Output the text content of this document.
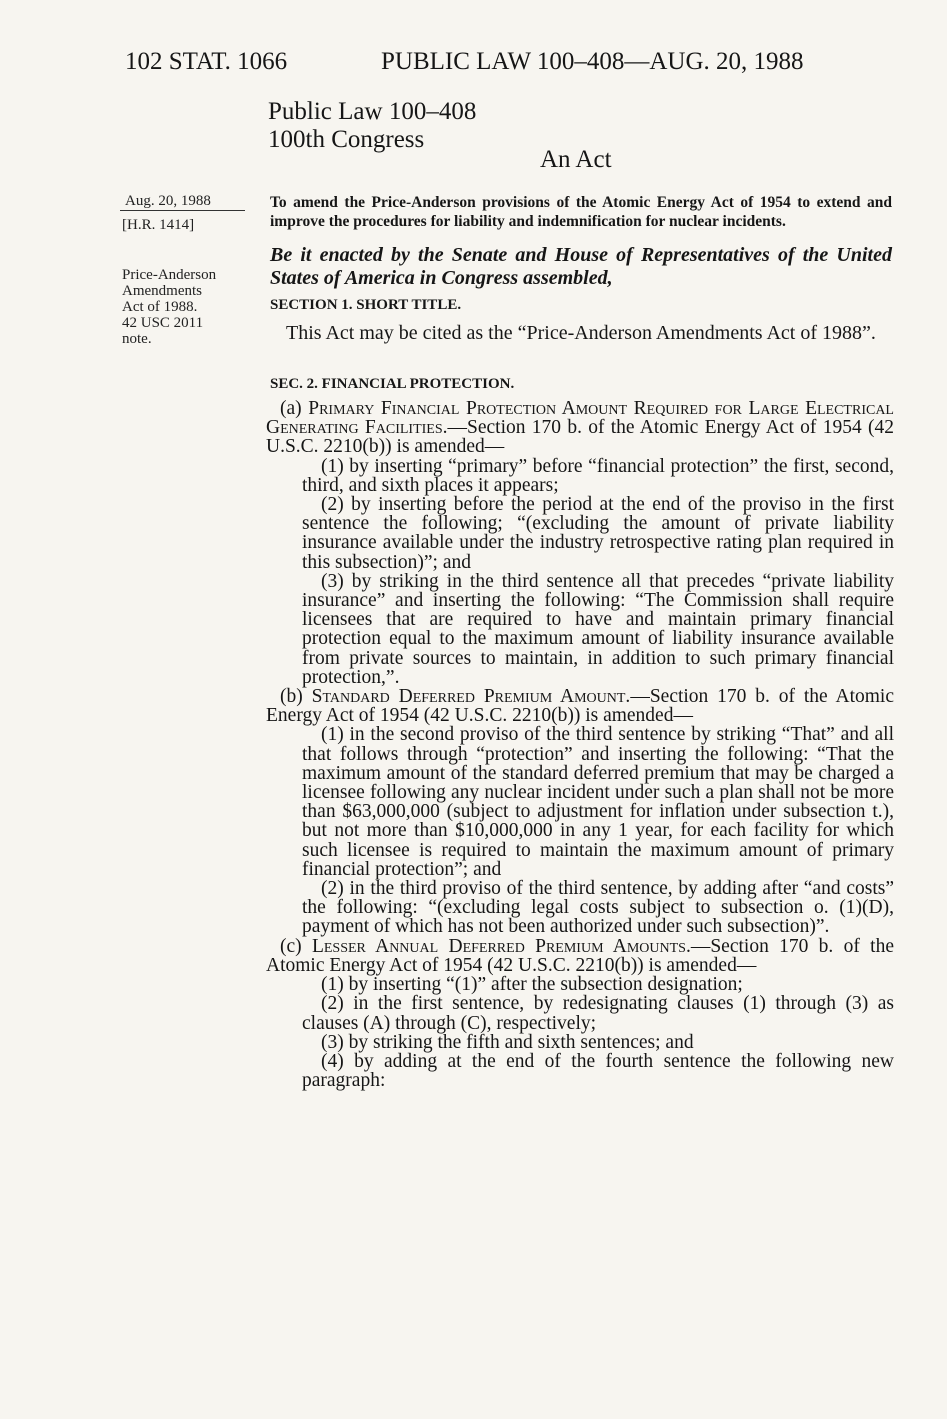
102 STAT. 1066	PUBLIC LAW 100–408—AUG. 20, 1988
Public Law 100–408
100th Congress
An Act
Aug. 20, 1988
[H.R. 1414]
Price-Anderson
Amendments
Act of 1988.
42 USC 2011
note.
To amend the Price-Anderson provisions of the Atomic Energy Act of 1954 to extend and improve the procedures for liability and indemnification for nuclear incidents.
Be it enacted by the Senate and House of Representatives of the United States of America in Congress assembled,
SECTION 1. SHORT TITLE.
This Act may be cited as the “Price-Anderson Amendments Act of 1988”.
SEC. 2. FINANCIAL PROTECTION.

(a) Primary Financial Protection Amount Required for Large Electrical Generating Facilities.—Section 170 b. of the Atomic Energy Act of 1954 (42 U.S.C. 2210(b)) is amended—

(1) by inserting “primary” before “financial protection” the first, second, third, and sixth places it appears;

(2) by inserting before the period at the end of the proviso in the first sentence the following; “(excluding the amount of private liability insurance available under the industry retrospective rating plan required in this subsection)”; and

(3) by striking in the third sentence all that precedes “private liability insurance” and inserting the following: “The Commission shall require licensees that are required to have and maintain primary financial protection equal to the maximum amount of liability insurance available from private sources to maintain, in addition to such primary financial protection,”.

(b) Standard Deferred Premium Amount.—Section 170 b. of the Atomic Energy Act of 1954 (42 U.S.C. 2210(b)) is amended—

(1) in the second proviso of the third sentence by striking “That” and all that follows through “protection” and inserting the following: “That the maximum amount of the standard deferred premium that may be charged a licensee following any nuclear incident under such a plan shall not be more than $63,000,000 (subject to adjustment for inflation under subsection t.), but not more than $10,000,000 in any 1 year, for each facility for which such licensee is required to maintain the maximum amount of primary financial protection”; and

(2) in the third proviso of the third sentence, by adding after “and costs” the following: “(excluding legal costs subject to subsection o. (1)(D), payment of which has not been authorized under such subsection)”.

(c) Lesser Annual Deferred Premium Amounts.—Section 170 b. of the Atomic Energy Act of 1954 (42 U.S.C. 2210(b)) is amended—

(1) by inserting “(1)” after the subsection designation;

(2) in the first sentence, by redesignating clauses (1) through (3) as clauses (A) through (C), respectively;

(3) by striking the fifth and sixth sentences; and

(4) by adding at the end of the fourth sentence the following new paragraph:
